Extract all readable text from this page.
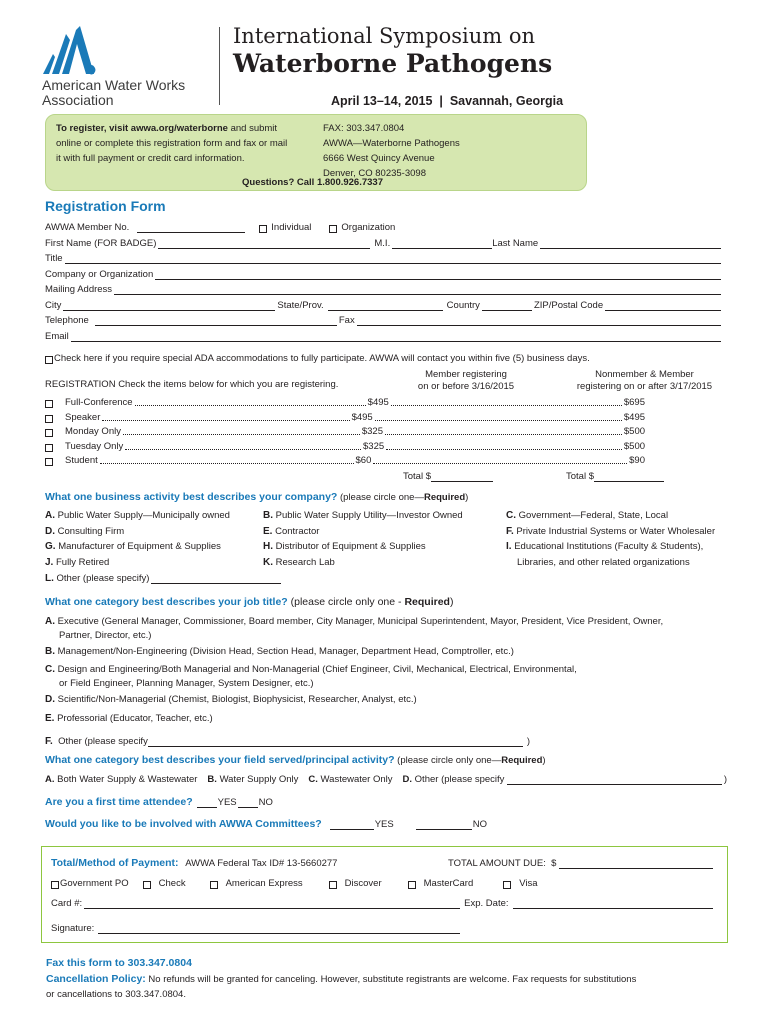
American Water Works
Association
International Symposium on
Waterborne Pathogens
April 13–14, 2015  |  Savannah, Georgia
To register, visit awwa.org/waterborne and submit
online or complete this registration form and fax or mail
it with full payment or credit card information.
FAX: 303.347.0804
AWWA—Waterborne Pathogens
6666 West Quincy Avenue
Denver, CO 80235-3098
Questions? Call 1.800.926.7337
Registration Form
AWWA Member No.	Individual	Organization
First Name (FOR BADGE)	M.I.	Last Name
Title
Company or Organization
Mailing Address
City	State/Prov.	Country	ZIP/Postal Code
Telephone	Fax
Email
Check here if you require special ADA accommodations to fully participate. AWWA will contact you within five (5) business days.
REGISTRATION Check the items below for which you are registering.
Member registering
on or before 3/16/2015
Nonmember & Member
registering on or after 3/17/2015
Full-Conference	$495	$695
Speaker	$495	$495
Monday Only	$325	$500
Tuesday Only	$325	$500
Student	$60	$90
Total $	Total $
What one business activity best describes your company? (please circle one—Required)
A. Public Water Supply—Municipally owned	B. Public Water Supply Utility—Investor Owned	C. Government—Federal, State, Local
D. Consulting Firm	E. Contractor	F. Private Industrial Systems or Water Wholesaler
G. Manufacturer of Equipment & Supplies	H. Distributor of Equipment & Supplies	I. Educational Institutions (Faculty & Students),
J. Fully Retired	K. Research Lab	Libraries, and other related organizations
L.
Other (please specify)
What one category best describes your job title? (please circle only one - Required)
A. Executive (General Manager, Commissioner, Board member, City Manager, Municipal Superintendent, Mayor, President, Vice President, Owner,
Partner, Director, etc.)
B. Management/Non-Engineering (Division Head, Section Head, Manager, Department Head, Comptroller, etc.)
C. Design and Engineering/Both Managerial and Non-Managerial (Chief Engineer, Civil, Mechanical, Electrical, Environmental,
or Field Engineer, Planning Manager, System Designer, etc.)
D. Scientific/Non-Managerial (Chemist, Biologist, Biophysicist, Researcher, Analyst, etc.)
E. Professorial (Educator, Teacher, etc.)
F.
Other (please specify	)
What one category best describes your field served/principal activity? (please circle only one—Required)
A. Both Water Supply & Wastewater B. Water Supply Only C. Wastewater Only D. Other (please specify	)
Are you a first time attendee?	YES NO
Would you like to be involved with AWWA Committees?	YES	NO
Total/Method of Payment: AWWA Federal Tax ID# 13-5660277	TOTAL AMOUNT DUE:  $
Government PO	Check	American Express	Discover	MasterCard	Visa
Card #:	Exp. Date:
Signature:
Fax this form to 303.347.0804
Cancellation Policy: No refunds will be granted for canceling. However, substitute registrants are welcome. Fax requests for substitutions
or cancellations to 303.347.0804.
